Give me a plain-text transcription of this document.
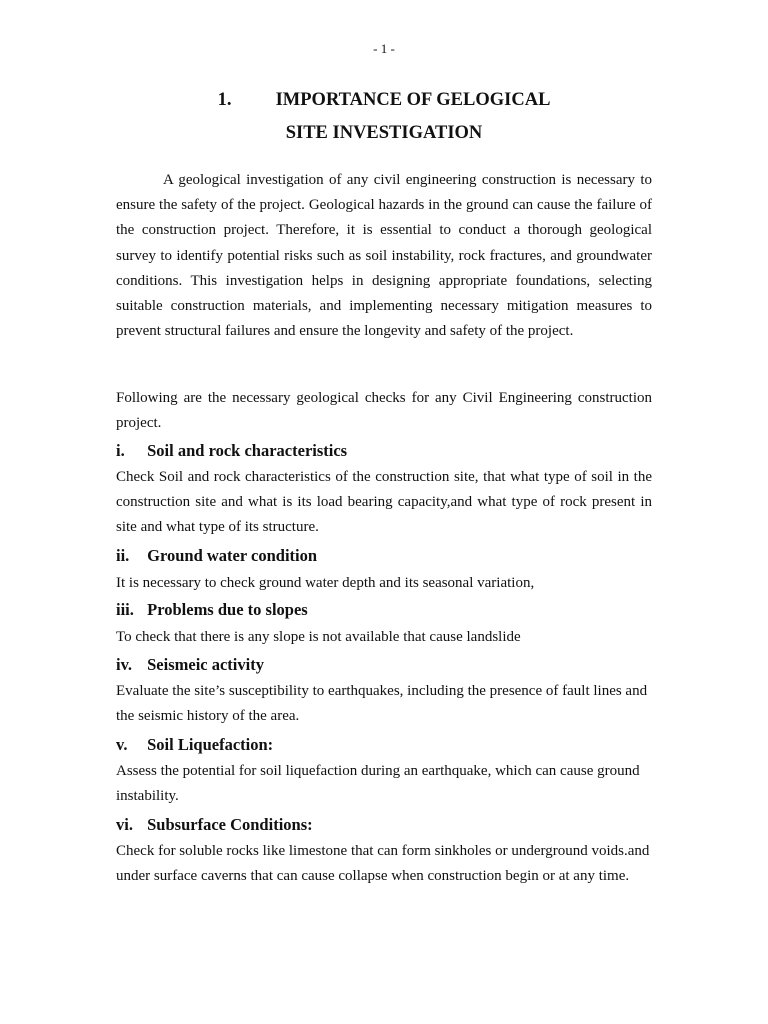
- 1 -
1. IMPORTANCE OF GELOGICAL
SITE INVESTIGATION

A geological investigation of any civil engineering construction is necessary to ensure the safety of the project. Geological hazards in the ground can cause the failure of the construction project. Therefore, it is essential to conduct a thorough geological survey to identify potential risks such as soil instability, rock fractures, and groundwater conditions. This investigation helps in designing appropriate foundations, selecting suitable construction materials, and implementing necessary mitigation measures to prevent structural failures and ensure the longevity and safety of the project.

Following are the necessary geological checks for any Civil Engineering construction project.

i. Soil and rock characteristics

Check Soil and rock characteristics of the construction site, that what type of soil in the construction site and what is its load bearing capacity,and what type of rock present in site and what type of its structure.

ii. Ground water condition

It is necessary to check ground water depth and its seasonal variation,

iii. Problems due to slopes

To check that there is any slope is not available that cause landslide

iv. Seismeic activity

Evaluate the site’s susceptibility to earthquakes, including the presence of fault lines and the seismic history of the area.

v. Soil Liquefaction:

Assess the potential for soil liquefaction during an earthquake, which can cause ground instability.

vi. Subsurface Conditions:

Check for soluble rocks like limestone that can form sinkholes or underground voids.and under surface caverns that can cause collapse when construction begin or at any time.
